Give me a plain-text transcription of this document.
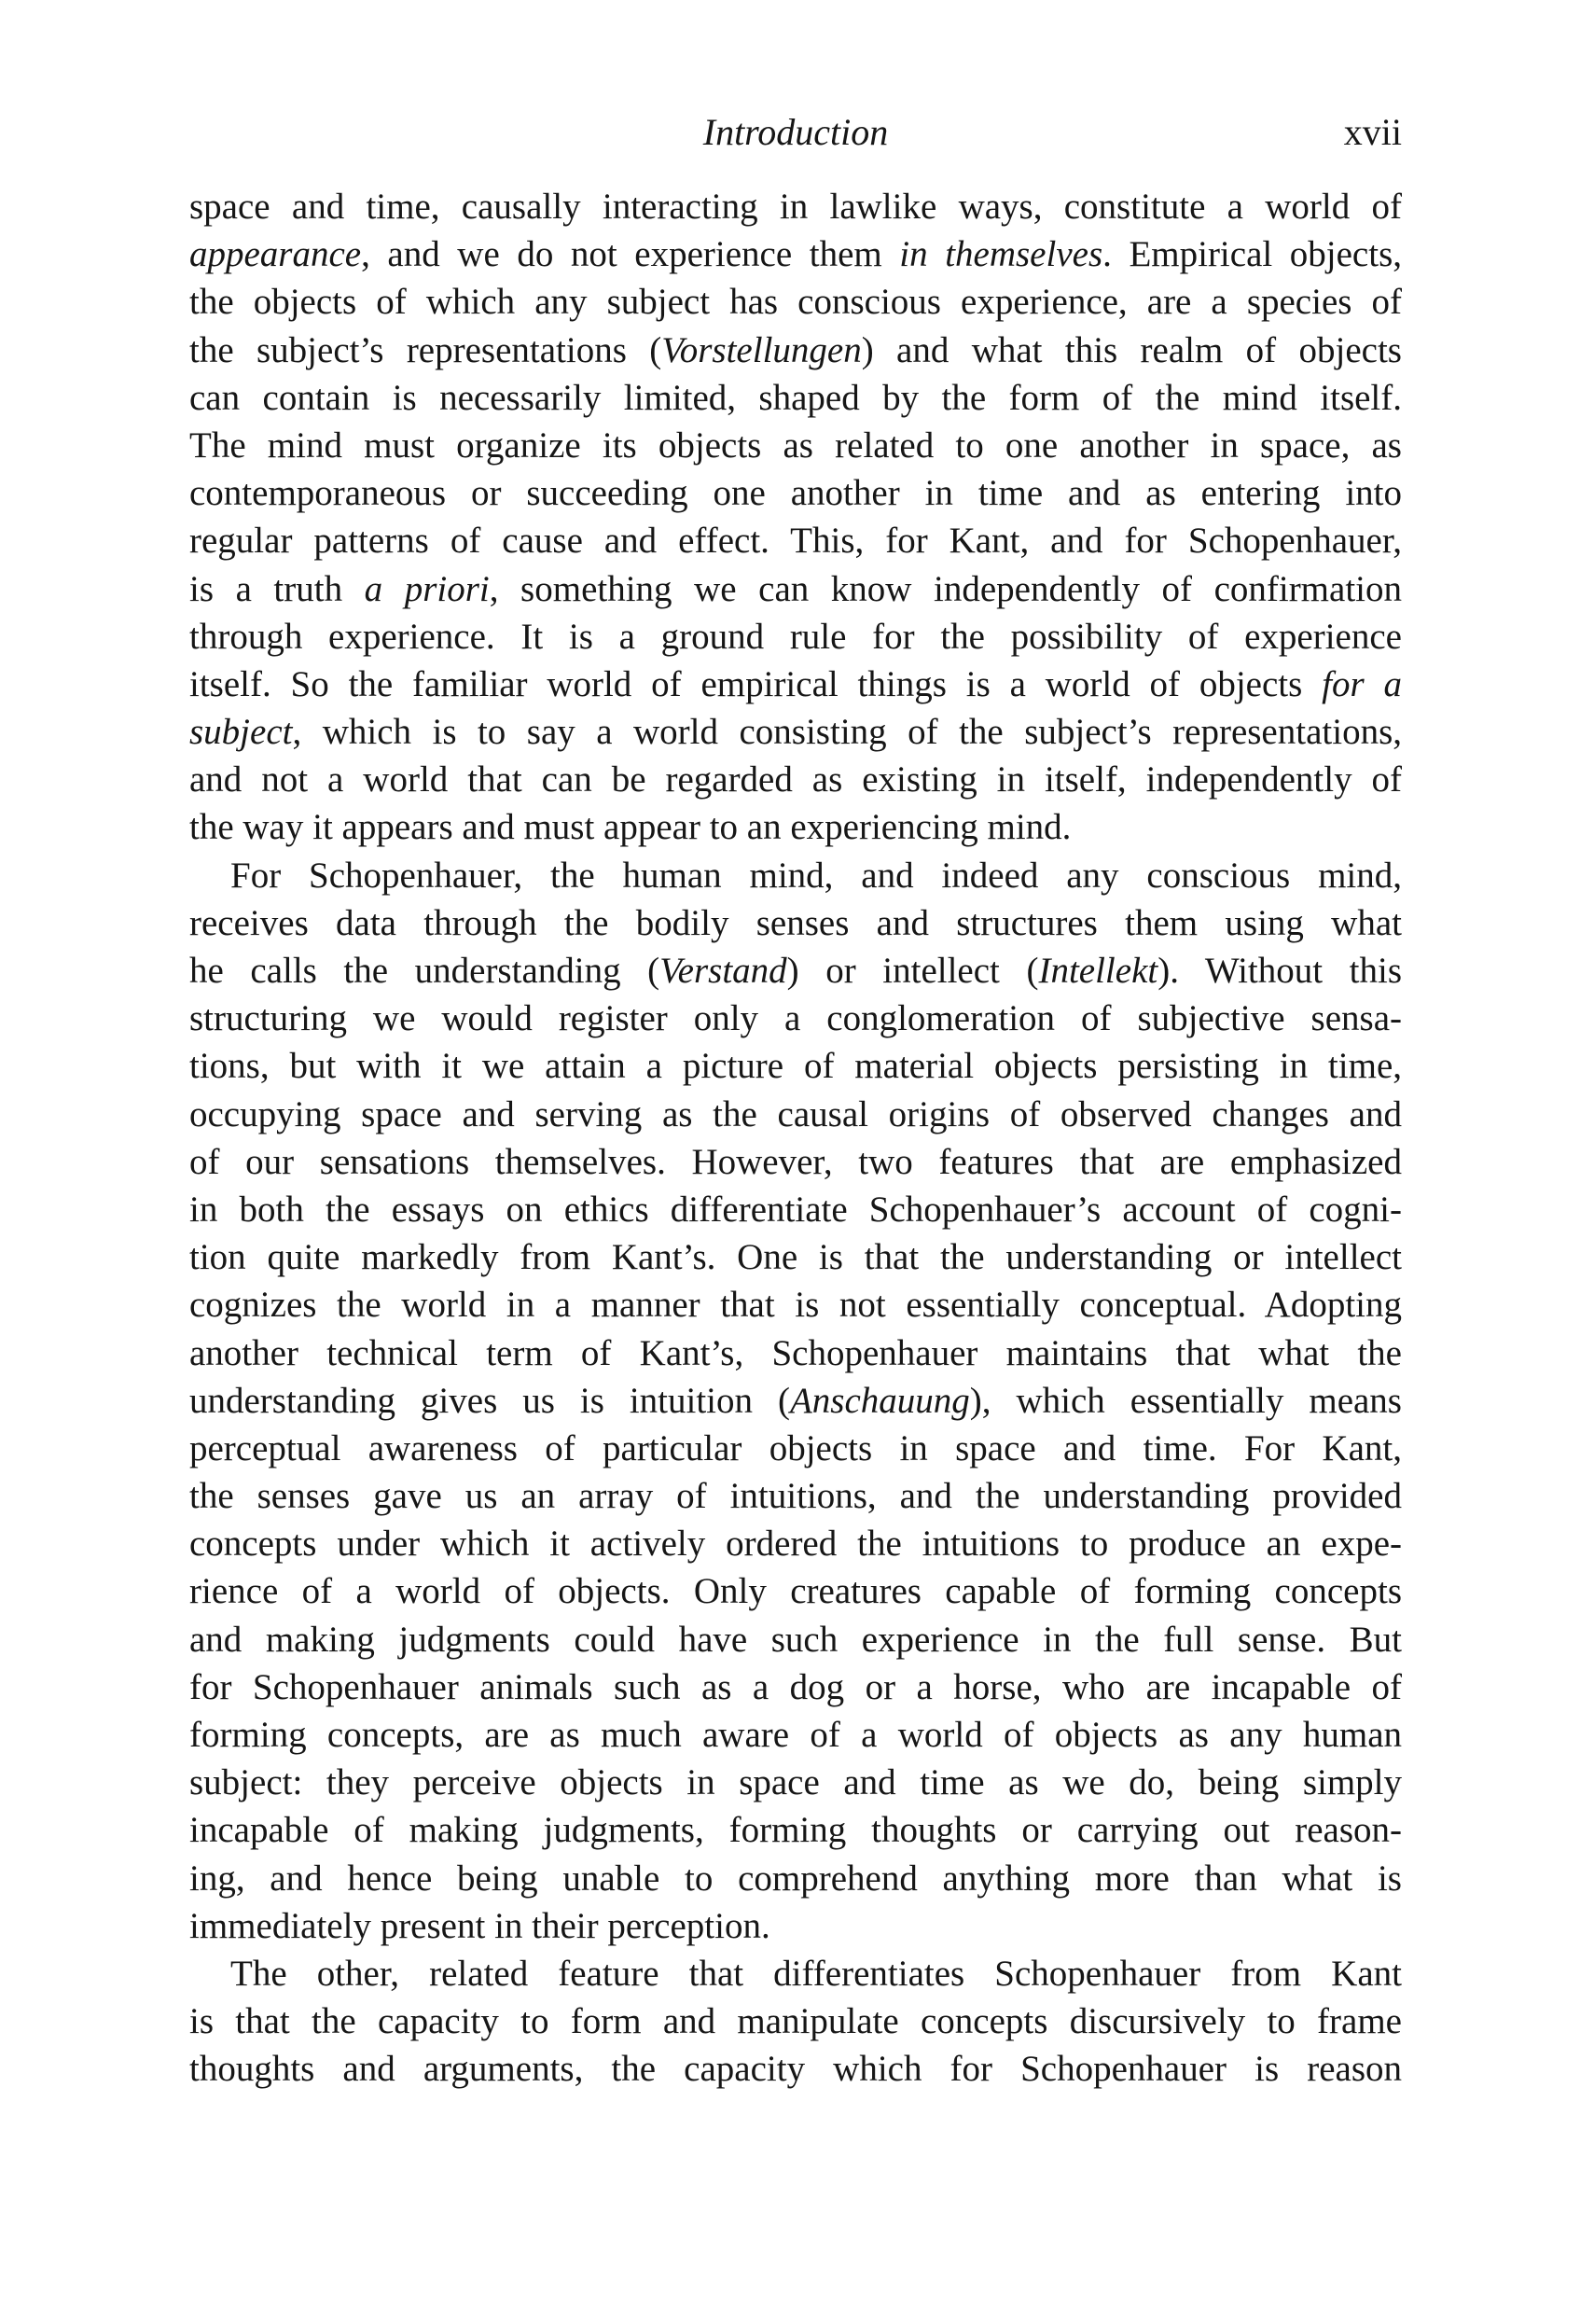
Introduction	xvii
space and time, causally interacting in lawlike ways, constitute a world of
appearance, and we do not experience them in themselves. Empirical objects,
the objects of which any subject has conscious experience, are a species of
the subject’s representations (Vorstellungen) and what this realm of objects
can contain is necessarily limited, shaped by the form of the mind itself.
The mind must organize its objects as related to one another in space, as
contemporaneous or succeeding one another in time and as entering into
regular patterns of cause and effect. This, for Kant, and for Schopenhauer,
is a truth a priori, something we can know independently of confirmation
through experience. It is a ground rule for the possibility of experience
itself. So the familiar world of empirical things is a world of objects for a
subject, which is to say a world consisting of the subject’s representations,
and not a world that can be regarded as existing in itself, independently of
the way it appears and must appear to an experiencing mind.
For Schopenhauer, the human mind, and indeed any conscious mind,
receives data through the bodily senses and structures them using what
he calls the understanding (Verstand) or intellect (Intellekt). Without this
structuring we would register only a conglomeration of subjective sensa-
tions, but with it we attain a picture of material objects persisting in time,
occupying space and serving as the causal origins of observed changes and
of our sensations themselves. However, two features that are emphasized
in both the essays on ethics differentiate Schopenhauer’s account of cogni-
tion quite markedly from Kant’s. One is that the understanding or intellect
cognizes the world in a manner that is not essentially conceptual. Adopting
another technical term of Kant’s, Schopenhauer maintains that what the
understanding gives us is intuition (Anschauung), which essentially means
perceptual awareness of particular objects in space and time. For Kant,
the senses gave us an array of intuitions, and the understanding provided
concepts under which it actively ordered the intuitions to produce an expe-
rience of a world of objects. Only creatures capable of forming concepts
and making judgments could have such experience in the full sense. But
for Schopenhauer animals such as a dog or a horse, who are incapable of
forming concepts, are as much aware of a world of objects as any human
subject: they perceive objects in space and time as we do, being simply
incapable of making judgments, forming thoughts or carrying out reason-
ing, and hence being unable to comprehend anything more than what is
immediately present in their perception.
The other, related feature that differentiates Schopenhauer from Kant
is that the capacity to form and manipulate concepts discursively to frame
thoughts and arguments, the capacity which for Schopenhauer is reason
